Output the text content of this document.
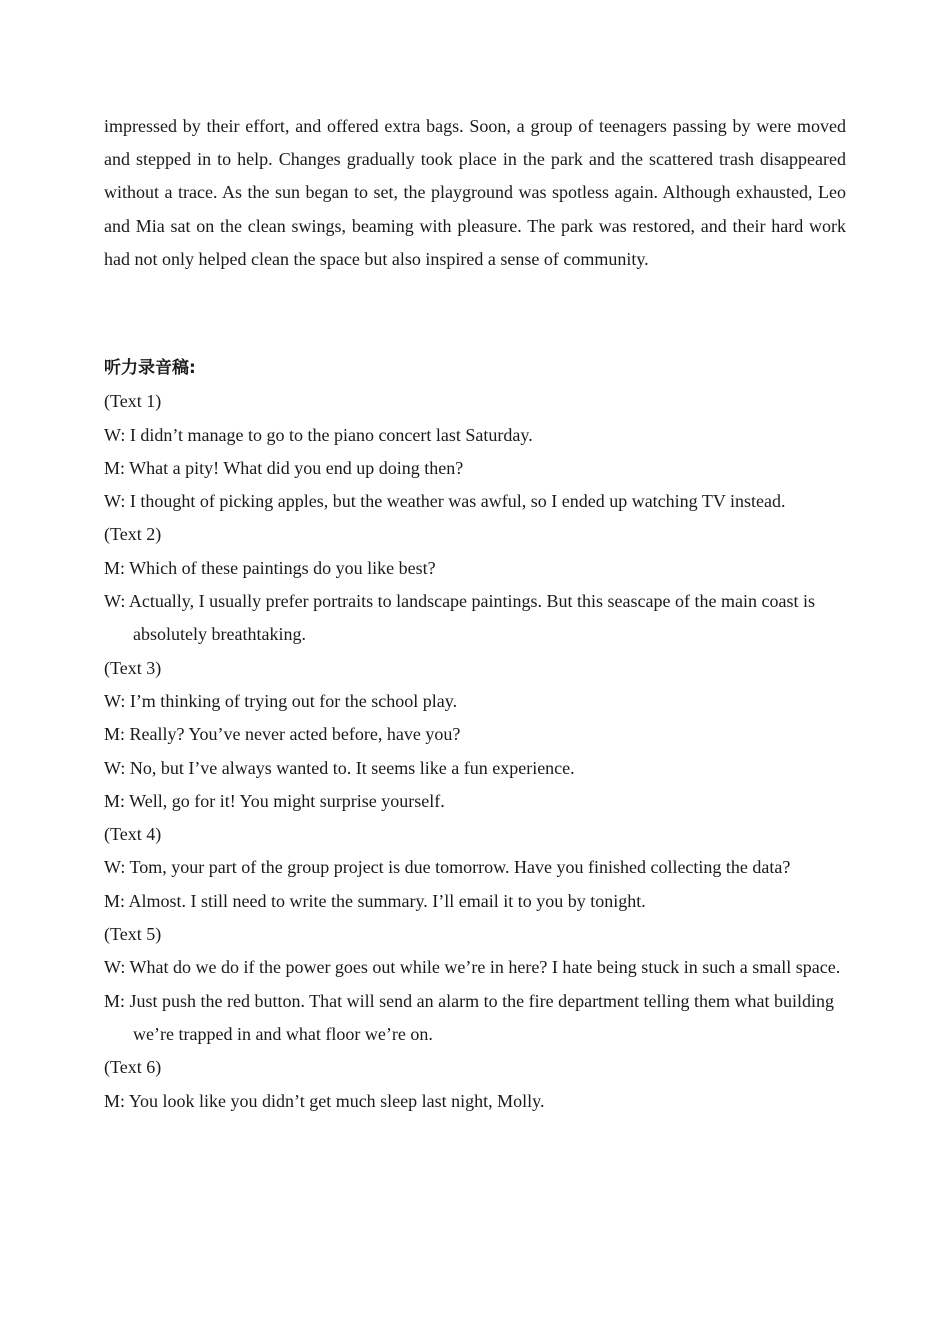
impressed by their effort, and offered extra bags. Soon, a group of teenagers passing by were moved and stepped in to help. Changes gradually took place in the park and the scattered trash disappeared without a trace. As the sun began to set, the playground was spotless again. Although exhausted, Leo and Mia sat on the clean swings, beaming with pleasure. The park was restored, and their hard work had not only helped clean the space but also inspired a sense of community.

听力录音稿:
(Text 1)
W: I didn’t manage to go to the piano concert last Saturday.
M: What a pity! What did you end up doing then?
W: I thought of picking apples, but the weather was awful, so I ended up watching TV instead.
(Text 2)
M: Which of these paintings do you like best?
W: Actually, I usually prefer portraits to landscape paintings. But this seascape of the main coast is absolutely breathtaking.
(Text 3)
W: I’m thinking of trying out for the school play.
M: Really? You’ve never acted before, have you?
W: No, but I’ve always wanted to. It seems like a fun experience.
M: Well, go for it! You might surprise yourself.
(Text 4)
W: Tom, your part of the group project is due tomorrow. Have you finished collecting the data?
M: Almost. I still need to write the summary. I’ll email it to you by tonight.
(Text 5)
W: What do we do if the power goes out while we’re in here? I hate being stuck in such a small space.
M: Just push the red button. That will send an alarm to the fire department telling them what building we’re trapped in and what floor we’re on.
(Text 6)
M: You look like you didn’t get much sleep last night, Molly.
